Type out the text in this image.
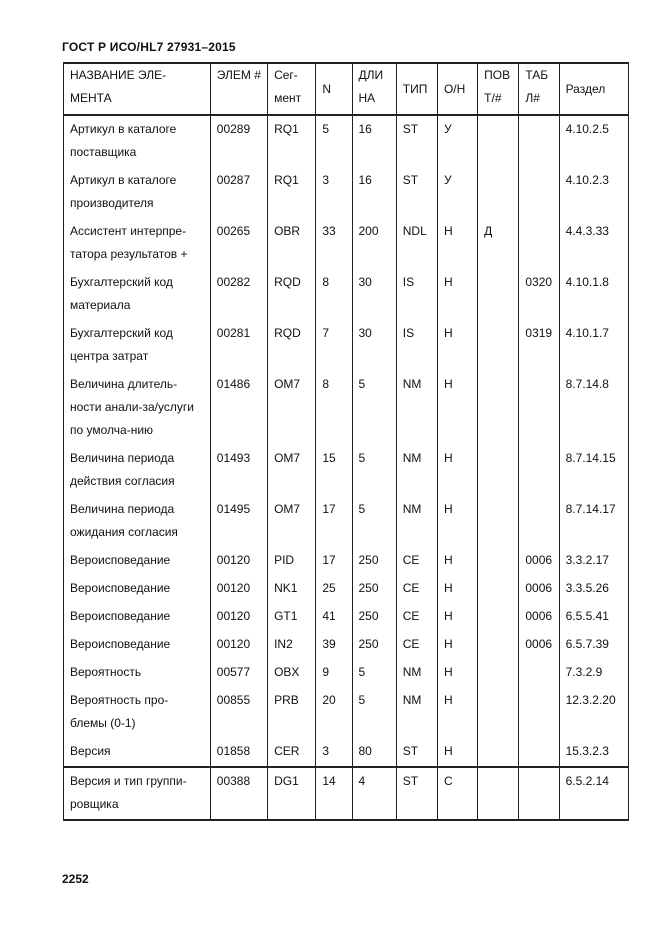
ГОСТ Р ИСО/HL7 27931–2015
НАЗВАНИЕ ЭЛЕ-МЕНТА	ЭЛЕМ #	Сег-мент	N	ДЛИ НА	ТИП	О/Н	ПОВ Т/#	ТАБ Л#	Раздел
Артикул в каталоге поставщика	00289	RQ1	5	16	ST	У			4.10.2.5
Артикул в каталоге производителя	00287	RQ1	3	16	ST	У			4.10.2.3
Ассистент интерпре-татора результатов +	00265	OBR	33	200	NDL	Н	Д		4.4.3.33
Бухгалтерский код материала	00282	RQD	8	30	IS	Н		0320	4.10.1.8
Бухгалтерский код центра затрат	00281	RQD	7	30	IS	Н		0319	4.10.1.7
Величина длитель-ности анали-за/услуги по умолча-нию	01486	OM7	8	5	NM	Н			8.7.14.8
Величина периода действия согласия	01493	OM7	15	5	NM	Н			8.7.14.15
Величина периода ожидания согласия	01495	OM7	17	5	NM	Н			8.7.14.17
Вероисповедание	00120	PID	17	250	CE	Н		0006	3.3.2.17
Вероисповедание	00120	NK1	25	250	CE	Н		0006	3.3.5.26
Вероисповедание	00120	GT1	41	250	CE	Н		0006	6.5.5.41
Вероисповедание	00120	IN2	39	250	CE	Н		0006	6.5.7.39
Вероятность	00577	OBX	9	5	NM	Н			7.3.2.9
Вероятность про-блемы (0-1)	00855	PRB	20	5	NM	Н			12.3.2.20
Версия	01858	CER	3	80	ST	Н			15.3.2.3
Версия и тип группи-ровщика	00388	DG1	14	4	ST	С			6.5.2.14
2252
